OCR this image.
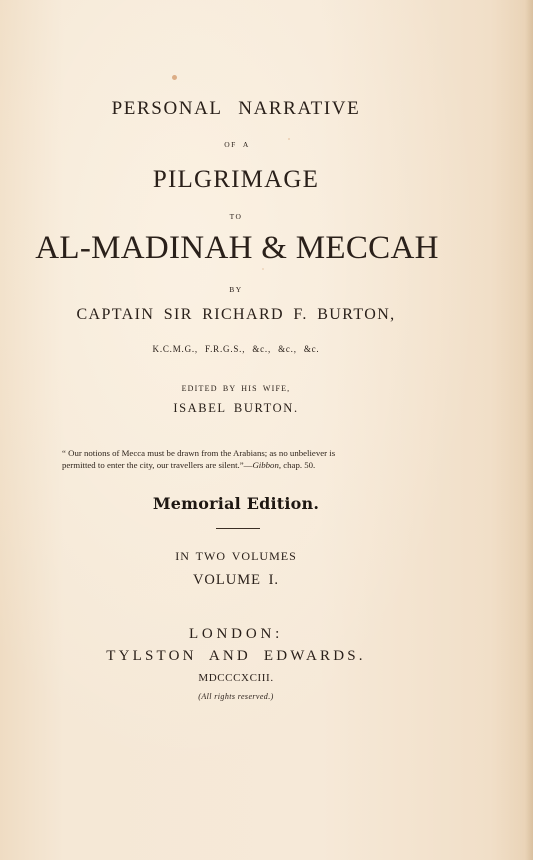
PERSONAL NARRATIVE
OF A
PILGRIMAGE
TO
AL-MADINAH & MECCAH
BY
CAPTAIN SIR RICHARD F. BURTON,
K.C.M.G., F.R.G.S., &c., &c., &c.
EDITED BY HIS WIFE,
ISABEL BURTON.
“ Our notions of Mecca must be drawn from the Arabians; as no unbeliever is
permitted to enter the city, our travellers are silent.”—Gibbon, chap. 50.
Memorial Edition.
IN TWO VOLUMES
VOLUME I.
LONDON:
TYLSTON AND EDWARDS.
MDCCCXCIII.
(All rights reserved.)
